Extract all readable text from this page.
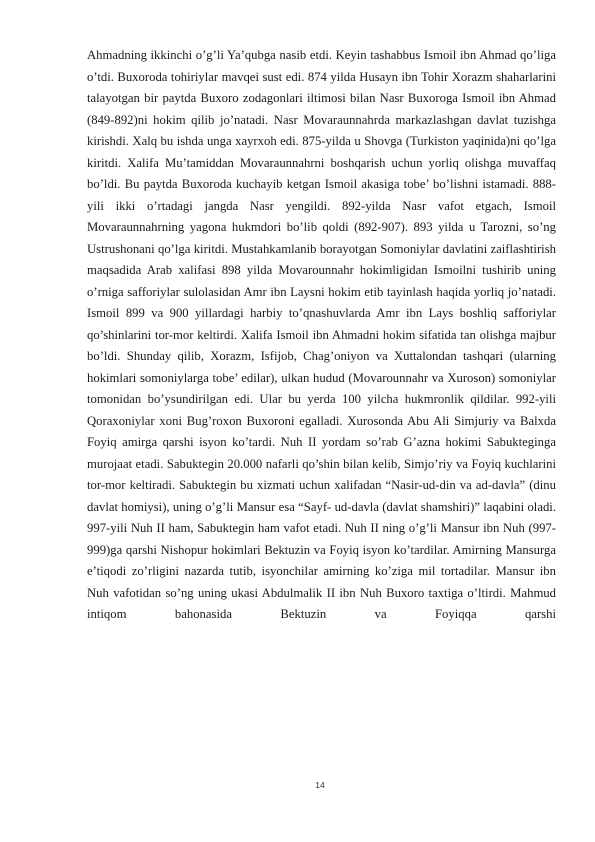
Ahmadning ikkinchi o’g’li Ya’qubga nasib etdi. Keyin tashabbus Ismoil ibn Ahmad qo’liga o’tdi. Buxoroda tohiriylar mavqei sust edi. 874 yilda Husayn ibn Tohir Xorazm shaharlarini talayotgan bir paytda Buxoro zodagonlari iltimosi bilan Nasr Buxoroga Ismoil ibn Ahmad (849-892)ni hokim qilib jo’natadi. Nasr Movaraunnahrda markazlashgan davlat tuzishga kirishdi. Xalq bu ishda unga xayrxoh edi. 875-yilda u Shovga (Turkiston yaqinida)ni qo’lga kiritdi. Xalifa Mu’tamiddan Movaraunnahrni boshqarish uchun yorliq olishga muvaffaq bo’ldi. Bu paytda Buxoroda kuchayib ketgan Ismoil akasiga tobe’ bo’lishni istamadi. 888-yili ikki o’rtadagi jangda Nasr yengildi. 892-yilda Nasr vafot etgach, Ismoil Movaraunnahrning yagona hukmdori bo’lib qoldi (892-907). 893 yilda u Tarozni, so’ng Ustrushonani qo’lga kiritdi. Mustahkamlanib borayotgan Somoniylar davlatini zaiflashtirish maqsadida Arab xalifasi 898 yilda Movarounnahr hokimligidan Ismoilni tushirib uning o’rniga safforiylar sulolasidan Amr ibn Laysni hokim etib tayinlash haqida yorliq jo’natadi. Ismoil 899 va 900 yillardagi harbiy to’qnashuvlarda Amr ibn Lays boshliq safforiylar qo’shinlarini tor-mor keltirdi. Xalifa Ismoil ibn Ahmadni hokim sifatida tan olishga majbur bo’ldi. Shunday qilib, Xorazm, Isfijob, Chag’oniyon va Xuttalondan tashqari (ularning hokimlari somoniylarga tobe’ edilar), ulkan hudud (Movarounnahr va Xuroson) somoniylar tomonidan bo’ysundirilgan edi. Ular bu yerda 100 yilcha hukmronlik qildilar. 992-yili Qoraxoniylar xoni Bug’roxon Buxoroni egalladi. Xurosonda Abu Ali Simjuriy va Balxda Foyiq amirga qarshi isyon ko’tardi. Nuh II yordam so’rab G’azna hokimi Sabukteginga murojaat etadi. Sabuktegin 20.000 nafarli qo’shin bilan kelib, Simjo’riy va Foyiq kuchlarini tor-mor keltiradi. Sabuktegin bu xizmati uchun xalifadan “Nasir-ud-din va ad-davla” (dinu davlat homiysi), uning o’g’li Mansur esa “Sayf- ud-davla (davlat shamshiri)” laqabini oladi. 997-yili Nuh II ham, Sabuktegin ham vafot etadi. Nuh II ning o’g’li Mansur ibn Nuh (997-999)ga qarshi Nishopur hokimlari Bektuzin va Foyiq isyon ko’tardilar. Amirning Mansurga e’tiqodi zo’rligini nazarda tutib, isyonchilar amirning ko’ziga mil tortadilar. Mansur ibn Nuh vafotidan so’ng uning ukasi Abdulmalik II ibn Nuh Buxoro taxtiga o’ltirdi. Mahmud intiqom bahonasida Bektuzin va Foyiqqa qarshi

14
